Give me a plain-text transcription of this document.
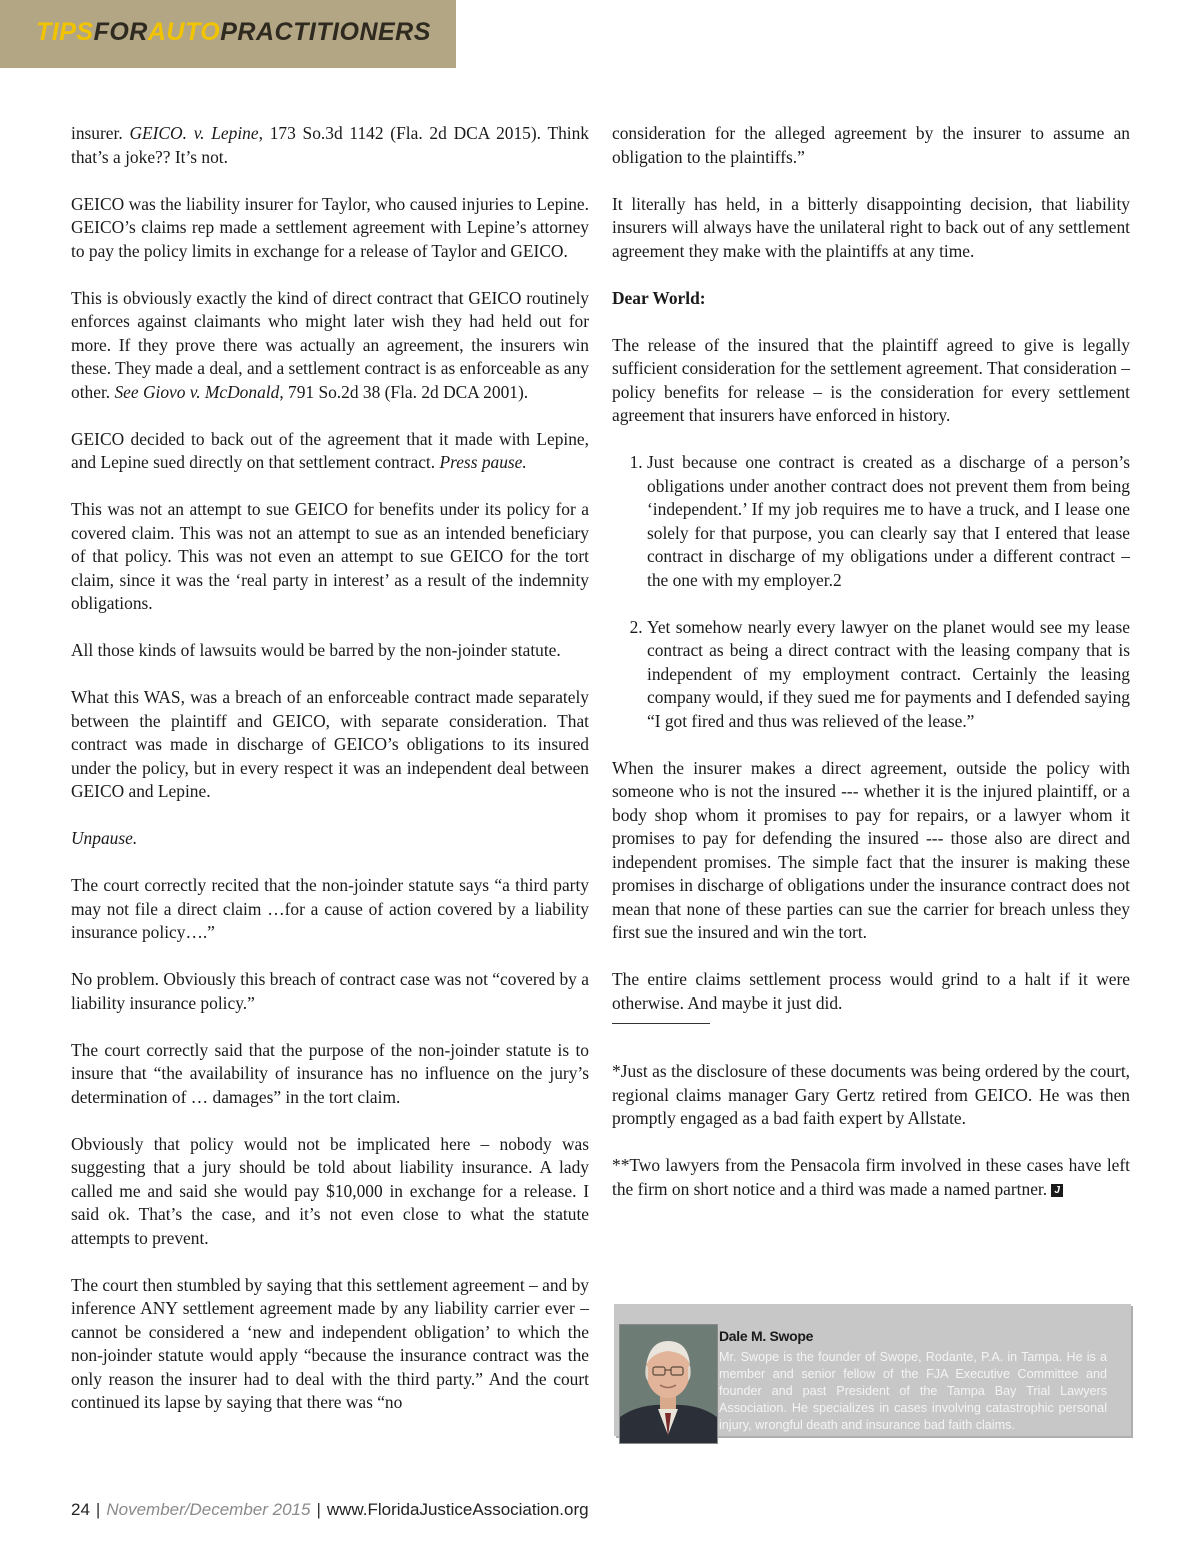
TIPSFORAUTOPRACTITIONERS

insurer. GEICO. v. Lepine, 173 So.3d 1142 (Fla. 2d DCA 2015). Think that’s a joke?? It’s not.

GEICO was the liability insurer for Taylor, who caused injuries to Lepine. GEICO’s claims rep made a settlement agreement with Lepine’s attorney to pay the policy limits in exchange for a release of Taylor and GEICO.

This is obviously exactly the kind of direct contract that GEICO routinely enforces against claimants who might later wish they had held out for more. If they prove there was actually an agreement, the insurers win these. They made a deal, and a settlement contract is as enforceable as any other. See Giovo v. McDonald, 791 So.2d 38 (Fla. 2d DCA 2001).

GEICO decided to back out of the agreement that it made with Lepine, and Lepine sued directly on that settlement contract. Press pause.

This was not an attempt to sue GEICO for benefits under its policy for a covered claim. This was not an attempt to sue as an intended beneficiary of that policy. This was not even an attempt to sue GEICO for the tort claim, since it was the ‘real party in interest’ as a result of the indemnity obligations.

All those kinds of lawsuits would be barred by the non-joinder statute.

What this WAS, was a breach of an enforceable contract made separately between the plaintiff and GEICO, with separate consideration. That contract was made in discharge of GEICO’s obligations to its insured under the policy, but in every respect it was an independent deal between GEICO and Lepine.

Unpause.

The court correctly recited that the non-joinder statute says “a third party may not file a direct claim …for a cause of action covered by a liability insurance policy….”

No problem. Obviously this breach of contract case was not “covered by a liability insurance policy.”

The court correctly said that the purpose of the non-joinder statute is to insure that “the availability of insurance has no influence on the jury’s determination of … damages” in the tort claim.

Obviously that policy would not be implicated here – nobody was suggesting that a jury should be told about liability insurance. A lady called me and said she would pay $10,000 in exchange for a release. I said ok. That’s the case, and it’s not even close to what the statute attempts to prevent.

The court then stumbled by saying that this settlement agreement – and by inference ANY settlement agreement made by any liability carrier ever – cannot be considered a ‘new and independent obligation’ to which the non-joinder statute would apply “because the insurance contract was the only reason the insurer had to deal with the third party.” And the court continued its lapse by saying that there was “no

consideration for the alleged agreement by the insurer to assume an obligation to the plaintiffs.”

It literally has held, in a bitterly disappointing decision, that liability insurers will always have the unilateral right to back out of any settlement agreement they make with the plaintiffs at any time.

Dear World:

The release of the insured that the plaintiff agreed to give is legally sufficient consideration for the settlement agreement. That consideration – policy benefits for release – is the consideration for every settlement agreement that insurers have enforced in history.

1. Just because one contract is created as a discharge of a person’s obligations under another contract does not prevent them from being ‘independent.’ If my job requires me to have a truck, and I lease one solely for that purpose, you can clearly say that I entered that lease contract in discharge of my obligations under a different contract – the one with my employer.2
2. Yet somehow nearly every lawyer on the planet would see my lease contract as being a direct contract with the leasing company that is independent of my employment contract. Certainly the leasing company would, if they sued me for payments and I defended saying “I got fired and thus was relieved of the lease.”

When the insurer makes a direct agreement, outside the policy with someone who is not the insured --- whether it is the injured plaintiff, or a body shop whom it promises to pay for repairs, or a lawyer whom it promises to pay for defending the insured --- those also are direct and independent promises. The simple fact that the insurer is making these promises in discharge of obligations under the insurance contract does not mean that none of these parties can sue the carrier for breach unless they first sue the insured and win the tort.

The entire claims settlement process would grind to a halt if it were otherwise. And maybe it just did.

*Just as the disclosure of these documents was being ordered by the court, regional claims manager Gary Gertz retired from GEICO. He was then promptly engaged as a bad faith expert by Allstate.

**Two lawyers from the Pensacola firm involved in these cases have left the firm on short notice and a third was made a named partner. J

Dale M. Swope
Mr. Swope is the founder of Swope, Rodante, P.A. in Tampa. He is a member and senior fellow of the FJA Executive Committee and founder and past President of the Tampa Bay Trial Lawyers Association. He specializes in cases involving catastrophic personal injury, wrongful death and insurance bad faith claims.
24 | November/December 2015 | www.FloridaJusticeAssociation.org
